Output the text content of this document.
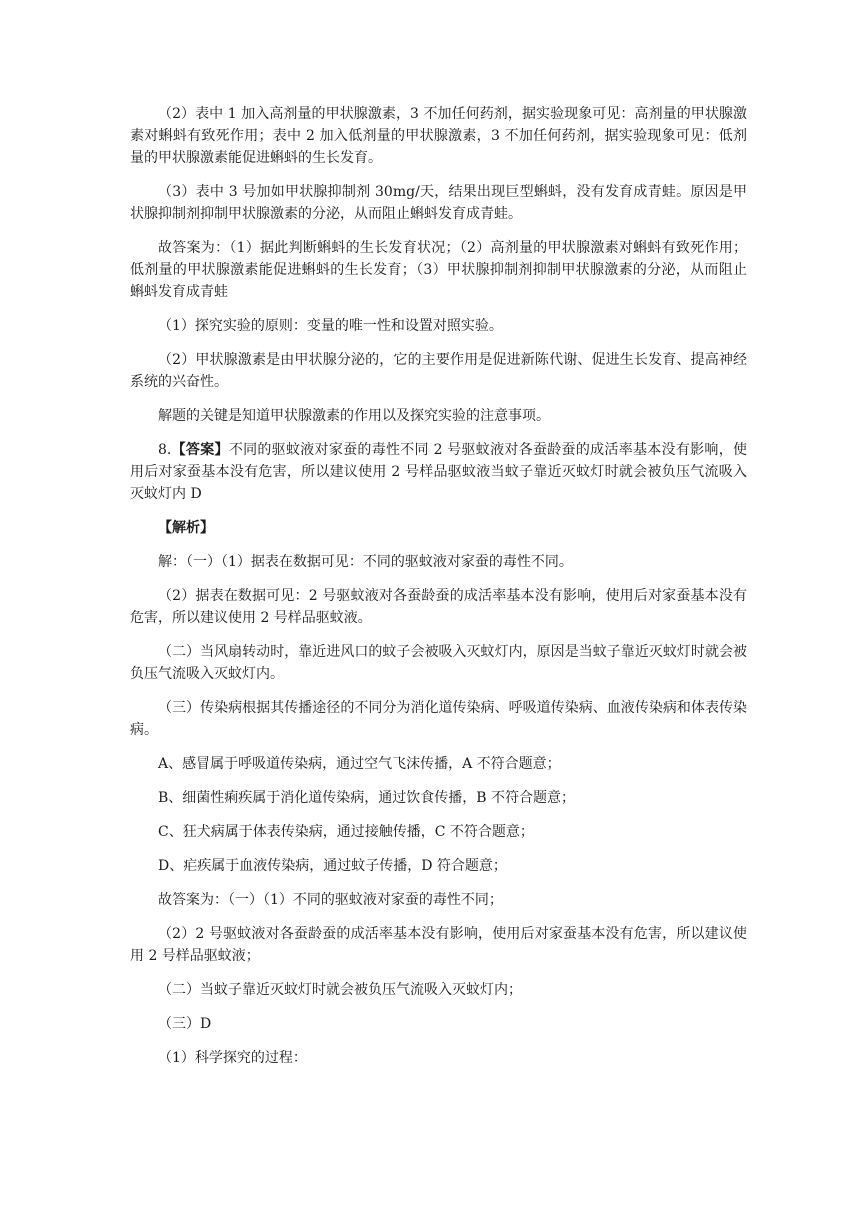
（2）表中 1 加入高剂量的甲状腺激素，3 不加任何药剂，据实验现象可见：高剂量的甲状腺激素对蝌蚪有致死作用；表中 2 加入低剂量的甲状腺激素，3 不加任何药剂，据实验现象可见：低剂量的甲状腺激素能促进蝌蚪的生长发育。

（3）表中 3 号加如甲状腺抑制剂 30mg/天，结果出现巨型蝌蚪，没有发育成青蛙。原因是甲状腺抑制剂抑制甲状腺激素的分泌，从而阻止蝌蚪发育成青蛙。

故答案为：（1）据此判断蝌蚪的生长发育状况；（2）高剂量的甲状腺激素对蝌蚪有致死作用；低剂量的甲状腺激素能促进蝌蚪的生长发育；（3）甲状腺抑制剂抑制甲状腺激素的分泌，从而阻止蝌蚪发育成青蛙

（1）探究实验的原则：变量的唯一性和设置对照实验。

（2）甲状腺激素是由甲状腺分泌的，它的主要作用是促进新陈代谢、促进生长发育、提高神经系统的兴奋性。

解题的关键是知道甲状腺激素的作用以及探究实验的注意事项。

8.【答案】不同的驱蚊液对家蚕的毒性不同 2 号驱蚊液对各蚕龄蚕的成活率基本没有影响，使用后对家蚕基本没有危害，所以建议使用 2 号样品驱蚊液当蚊子靠近灭蚊灯时就会被负压气流吸入灭蚊灯内 D

【解析】

解：（一）（1）据表在数据可见：不同的驱蚊液对家蚕的毒性不同。

（2）据表在数据可见：2 号驱蚊液对各蚕龄蚕的成活率基本没有影响，使用后对家蚕基本没有危害，所以建议使用 2 号样品驱蚊液。

（二）当风扇转动时，靠近进风口的蚊子会被吸入灭蚊灯内，原因是当蚊子靠近灭蚊灯时就会被负压气流吸入灭蚊灯内。

（三）传染病根据其传播途径的不同分为消化道传染病、呼吸道传染病、血液传染病和体表传染病。

A、感冒属于呼吸道传染病，通过空气飞沫传播，A 不符合题意；

B、细菌性痢疾属于消化道传染病，通过饮食传播，B 不符合题意；

C、狂犬病属于体表传染病，通过接触传播，C 不符合题意；

D、疟疾属于血液传染病，通过蚊子传播，D 符合题意；

故答案为：（一）（1）不同的驱蚊液对家蚕的毒性不同；

（2）2 号驱蚊液对各蚕龄蚕的成活率基本没有影响，使用后对家蚕基本没有危害，所以建议使用 2 号样品驱蚊液；

（二）当蚊子靠近灭蚊灯时就会被负压气流吸入灭蚊灯内；

（三）D

（1）科学探究的过程：
